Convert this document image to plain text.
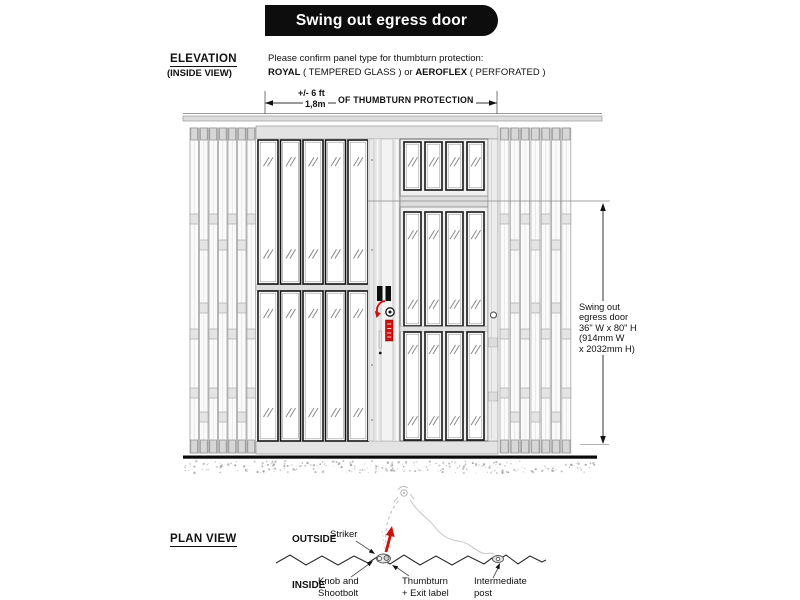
Swing out egress door
ELEVATION
(INSIDE VIEW)
Please confirm panel type for thumbturn protection:
ROYAL ( TEMPERED GLASS ) or AEROFLEX ( PERFORATED )
+/- 6 ft
1,8m OF THUMBTURN PROTECTION
Swing out
egress door
36" W x 80" H
(914mm W
x 2032mm H)
PLAN VIEW	OUTSIDE
INSIDE
Striker
Knob and
Shootbolt
Thumbturn
+ Exit label
Intermediate
post
